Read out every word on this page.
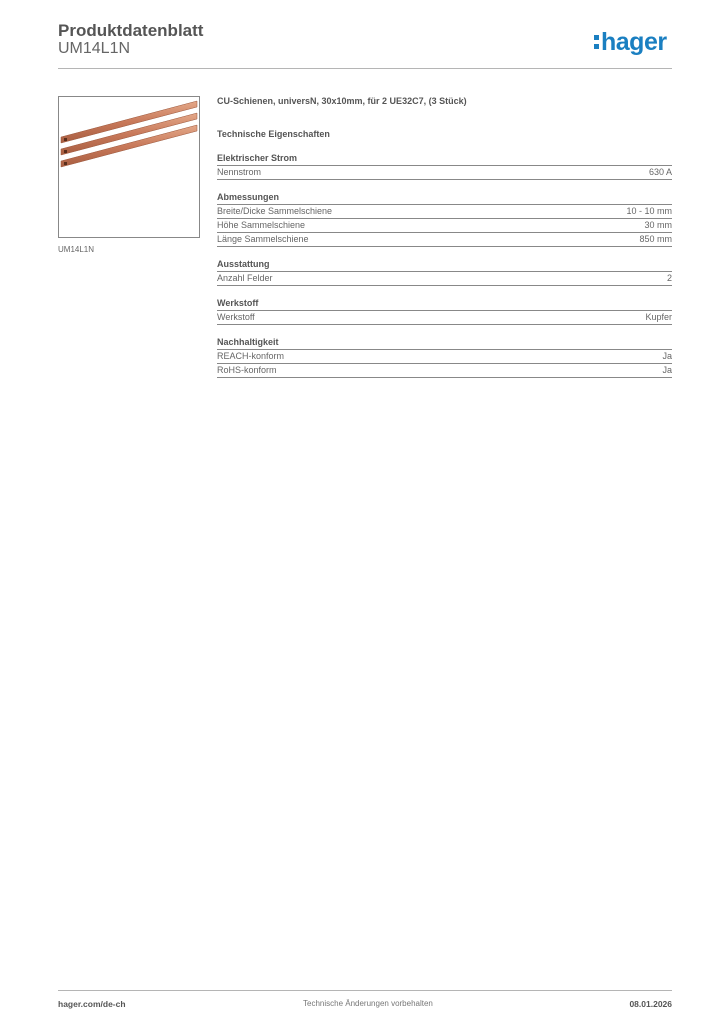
Produktdatenblatt
UM14L1N	hager
UM14L1N
CU-Schienen, universN, 30x10mm, für 2 UE32C7, (3 Stück)
Technische Eigenschaften
Elektrischer Strom
Nennstrom	630 A
Abmessungen
Breite/Dicke Sammelschiene	10 - 10 mm
Höhe Sammelschiene	30 mm
Länge Sammelschiene	850 mm
Ausstattung
Anzahl Felder	2
Werkstoff
Werkstoff	Kupfer
Nachhaltigkeit
REACH-konform	Ja
RoHS-konform	Ja
hager.com/de-ch	Technische Änderungen vorbehalten	08.01.2026
